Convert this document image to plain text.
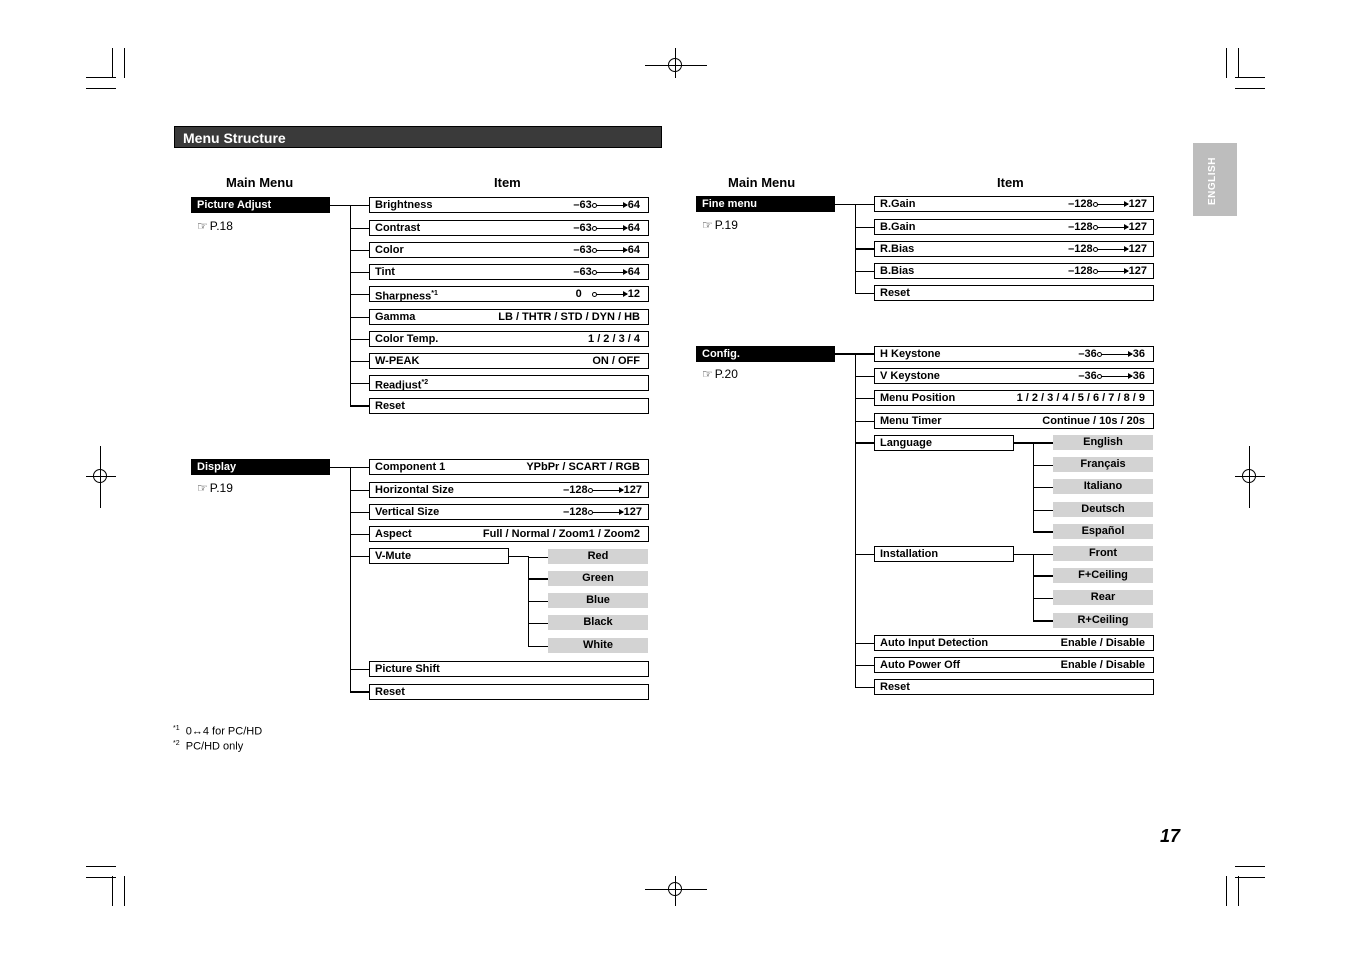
Menu Structure
ENGLISH
Main Menu	Item	Main Menu	Item
Picture Adjust
☞ P.18
Display
☞ P.19
Fine menu
☞ P.19
Config.
☞ P.20
Brightness	–63	64
Contrast	–63	64
Color	–63	64
Tint	–63	64
Sharpness$^{*1}$	0	12
Gamma	LB / THTR / STD / DYN / HB
Color Temp.	1 / 2 / 3 / 4
W-PEAK	ON / OFF
Readjust$^{*2}$
Reset
Component 1	YPbPr / SCART / RGB
Horizontal Size	–128	127
Vertical Size	–128	127
Aspect	Full / Normal / Zoom1 / Zoom2
V-Mute
Picture Shift
Reset
Red
Green
Blue
Black
White
R.Gain	–128	127
B.Gain	–128	127
R.Bias	–128	127
B.Bias	–128	127
Reset
H Keystone	–36	36
V Keystone	–36	36
Menu Position	1 / 2 / 3 / 4 / 5 / 6 / 7 / 8 / 9
Menu Timer	Continue / 10s / 20s
Language
Installation
Auto Input Detection	Enable / Disable
Auto Power Off	Enable / Disable
Reset
English
Français
Italiano
Deutsch
Español
Front
F+Ceiling
Rear
R+Ceiling
$^{*1}$ 0↔4 for PC/HD
$^{*2}$ PC/HD only
17
